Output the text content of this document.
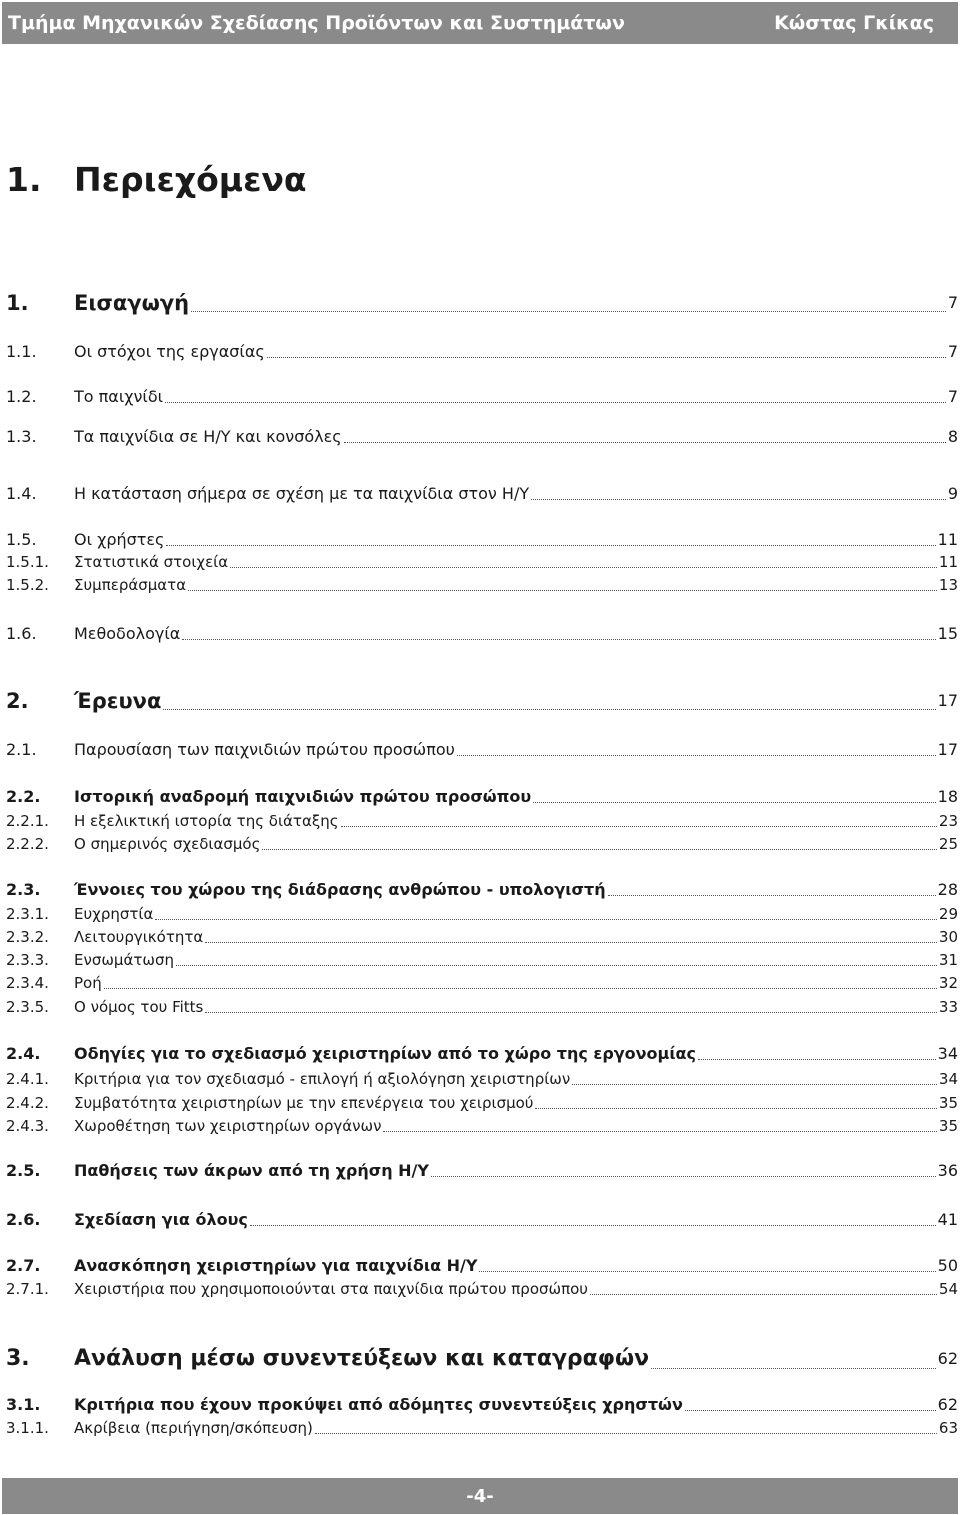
Τμήμα Μηχανικών Σχεδίασης Προϊόντων και Συστημάτων	Κώστας Γκίκας
1. Περιεχόμενα
1.	Εισαγωγή	7
1.1.	Οι στόχοι της εργασίας	7
1.2.	Το παιχνίδι	7
1.3.	Τα παιχνίδια σε Η/Υ και κονσόλες	8
1.4.	Η κατάσταση σήμερα σε σχέση με τα παιχνίδια στον Η/Υ	9
1.5.	Οι χρήστες	11
1.5.1.	Στατιστικά στοιχεία	11
1.5.2.	Συμπεράσματα	13
1.6.	Μεθοδολογία	15
2.	Έρευνα	17
2.1.	Παρουσίαση των παιχνιδιών πρώτου προσώπου	17
2.2.	Ιστορική αναδρομή παιχνιδιών πρώτου προσώπου	18
2.2.1.	Η εξελικτική ιστορία της διάταξης	23
2.2.2.	Ο σημερινός σχεδιασμός	25
2.3.	Έννοιες του χώρου της διάδρασης ανθρώπου - υπολογιστή	28
2.3.1.	Ευχρηστία	29
2.3.2.	Λειτουργικότητα	30
2.3.3.	Ενσωμάτωση	31
2.3.4.	Ροή	32
2.3.5.	Ο νόμος του Fitts	33
2.4.	Οδηγίες για το σχεδιασμό χειριστηρίων από το χώρο της εργονομίας	34
2.4.1.	Κριτήρια για τον σχεδιασμό - επιλογή ή αξιολόγηση χειριστηρίων	34
2.4.2.	Συμβατότητα χειριστηρίων με την επενέργεια του χειρισμού	35
2.4.3.	Χωροθέτηση των χειριστηρίων οργάνων	35
2.5.	Παθήσεις των άκρων από τη χρήση Η/Υ	36
2.6.	Σχεδίαση για όλους	41
2.7.	Ανασκόπηση χειριστηρίων για παιχνίδια Η/Υ	50
2.7.1.	Χειριστήρια που χρησιμοποιούνται στα παιχνίδια πρώτου προσώπου	54
3.	Ανάλυση μέσω συνεντεύξεων και καταγραφών	62
3.1.	Κριτήρια που έχουν προκύψει από αδόμητες συνεντεύξεις χρηστών	62
3.1.1.	Ακρίβεια (περιήγηση/σκόπευση)	63
-4-
